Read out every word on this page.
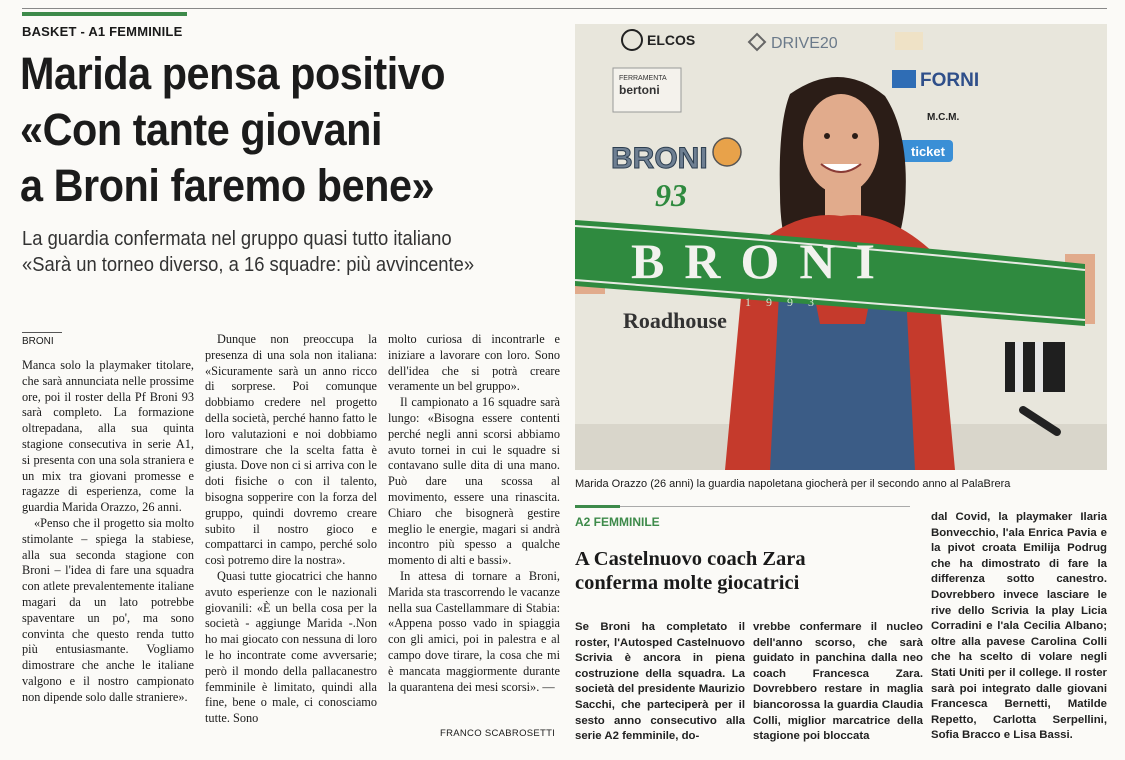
BASKET - A1 FEMMINILE
Marida pensa positivo
«Con tante giovani
a Broni faremo bene»
La guardia confermata nel gruppo quasi tutto italiano
«Sarà un torneo diverso, a 16 squadre: più avvincente»
BRONI

Manca solo la playmaker titolare, che sarà annunciata nelle prossime ore, poi il roster della Pf Broni 93 sarà completo. La formazione oltrepadana, alla sua quinta stagione consecutiva in serie A1, si presenta con una sola straniera e un mix tra giovani promesse e ragazze di esperienza, come la guardia Marida Orazzo, 26 anni.

«Penso che il progetto sia molto stimolante – spiega la stabiese, alla sua seconda stagione con Broni – l'idea di fare una squadra con atlete prevalentemente italiane magari da un lato potrebbe spaventare un po', ma sono convinta che questo renda tutto più entusiasmante. Vogliamo dimostrare che anche le italiane valgono e il nostro campionato non dipende solo dalle straniere».

Dunque non preoccupa la presenza di una sola non italiana: «Sicuramente sarà un anno ricco di sorprese. Poi comunque dobbiamo credere nel progetto della società, perché hanno fatto le loro valutazioni e noi dobbiamo dimostrare che la scelta fatta è giusta. Dove non ci si arriva con le doti fisiche o con il talento, bisogna sopperire con la forza del gruppo, quindi dovremo creare subito il nostro gioco e compattarci in campo, perché solo così potremo dire la nostra».

Quasi tutte giocatrici che hanno avuto esperienze con le nazionali giovanili: «È un bella cosa per la società - aggiunge Marida -.Non ho mai giocato con nessuna di loro le ho incontrate come avversarie; però il mondo della pallacanestro femminile è limitato, quindi alla fine, bene o male, ci conosciamo tutte. Sono

molto curiosa di incontrarle e iniziare a lavorare con loro. Sono dell'idea che si potrà creare veramente un bel gruppo».

Il campionato a 16 squadre sarà lungo: «Bisogna essere contenti perché negli anni scorsi abbiamo avuto tornei in cui le squadre si contavano sulle dita di una mano. Può dare una scossa al movimento, essere una rinascita. Chiaro che bisognerà gestire meglio le energie, magari si andrà incontro più spesso a qualche momento di alti e bassi».

In attesa di tornare a Broni, Marida sta trascorrendo le vacanze nella sua Castellammare di Stabia: «Appena posso vado in spiaggia con gli amici, poi in palestra e al campo dove tirare, la cosa che mi è mancata maggiormente durante la quarantena dei mesi scorsi». —

FRANCO SCABROSETTI
ELCOS	DRIVE20
FORNI
FERRAMENTA
bertoni
M.C.M.
ticket
BRONI
93
Roadhouse
BRONI
1 9 9 3
Marida Orazzo (26 anni) la guardia napoletana giocherà per il secondo anno al PalaBrera
A2 FEMMINILE
A Castelnuovo coach Zara
conferma molte giocatrici
Se Broni ha completato il roster, l'Autosped Castelnuovo Scrivia è ancora in piena costruzione della squadra. La società del presidente Maurizio Sacchi, che parteciperà per il sesto anno consecutivo alla serie A2 femminile, do-
vrebbe confermare il nucleo dell'anno scorso, che sarà guidato in panchina dalla neo coach Francesca Zara. Dovrebbero restare in maglia biancorossa la guardia Claudia Colli, miglior marcatrice della stagione poi bloccata
dal Covid, la playmaker Ilaria Bonvecchio, l'ala Enrica Pavia e la pivot croata Emilija Podrug che ha dimostrato di fare la differenza sotto canestro. Dovrebbero invece lasciare le rive dello Scrivia la play Licia Corradini e l'ala Cecilia Albano; oltre alla pavese Carolina Colli che ha scelto di volare negli Stati Uniti per il college. Il roster sarà poi integrato dalle giovani Francesca Bernetti, Matilde Repetto, Carlotta Serpellini, Sofia Bracco e Lisa Bassi.
